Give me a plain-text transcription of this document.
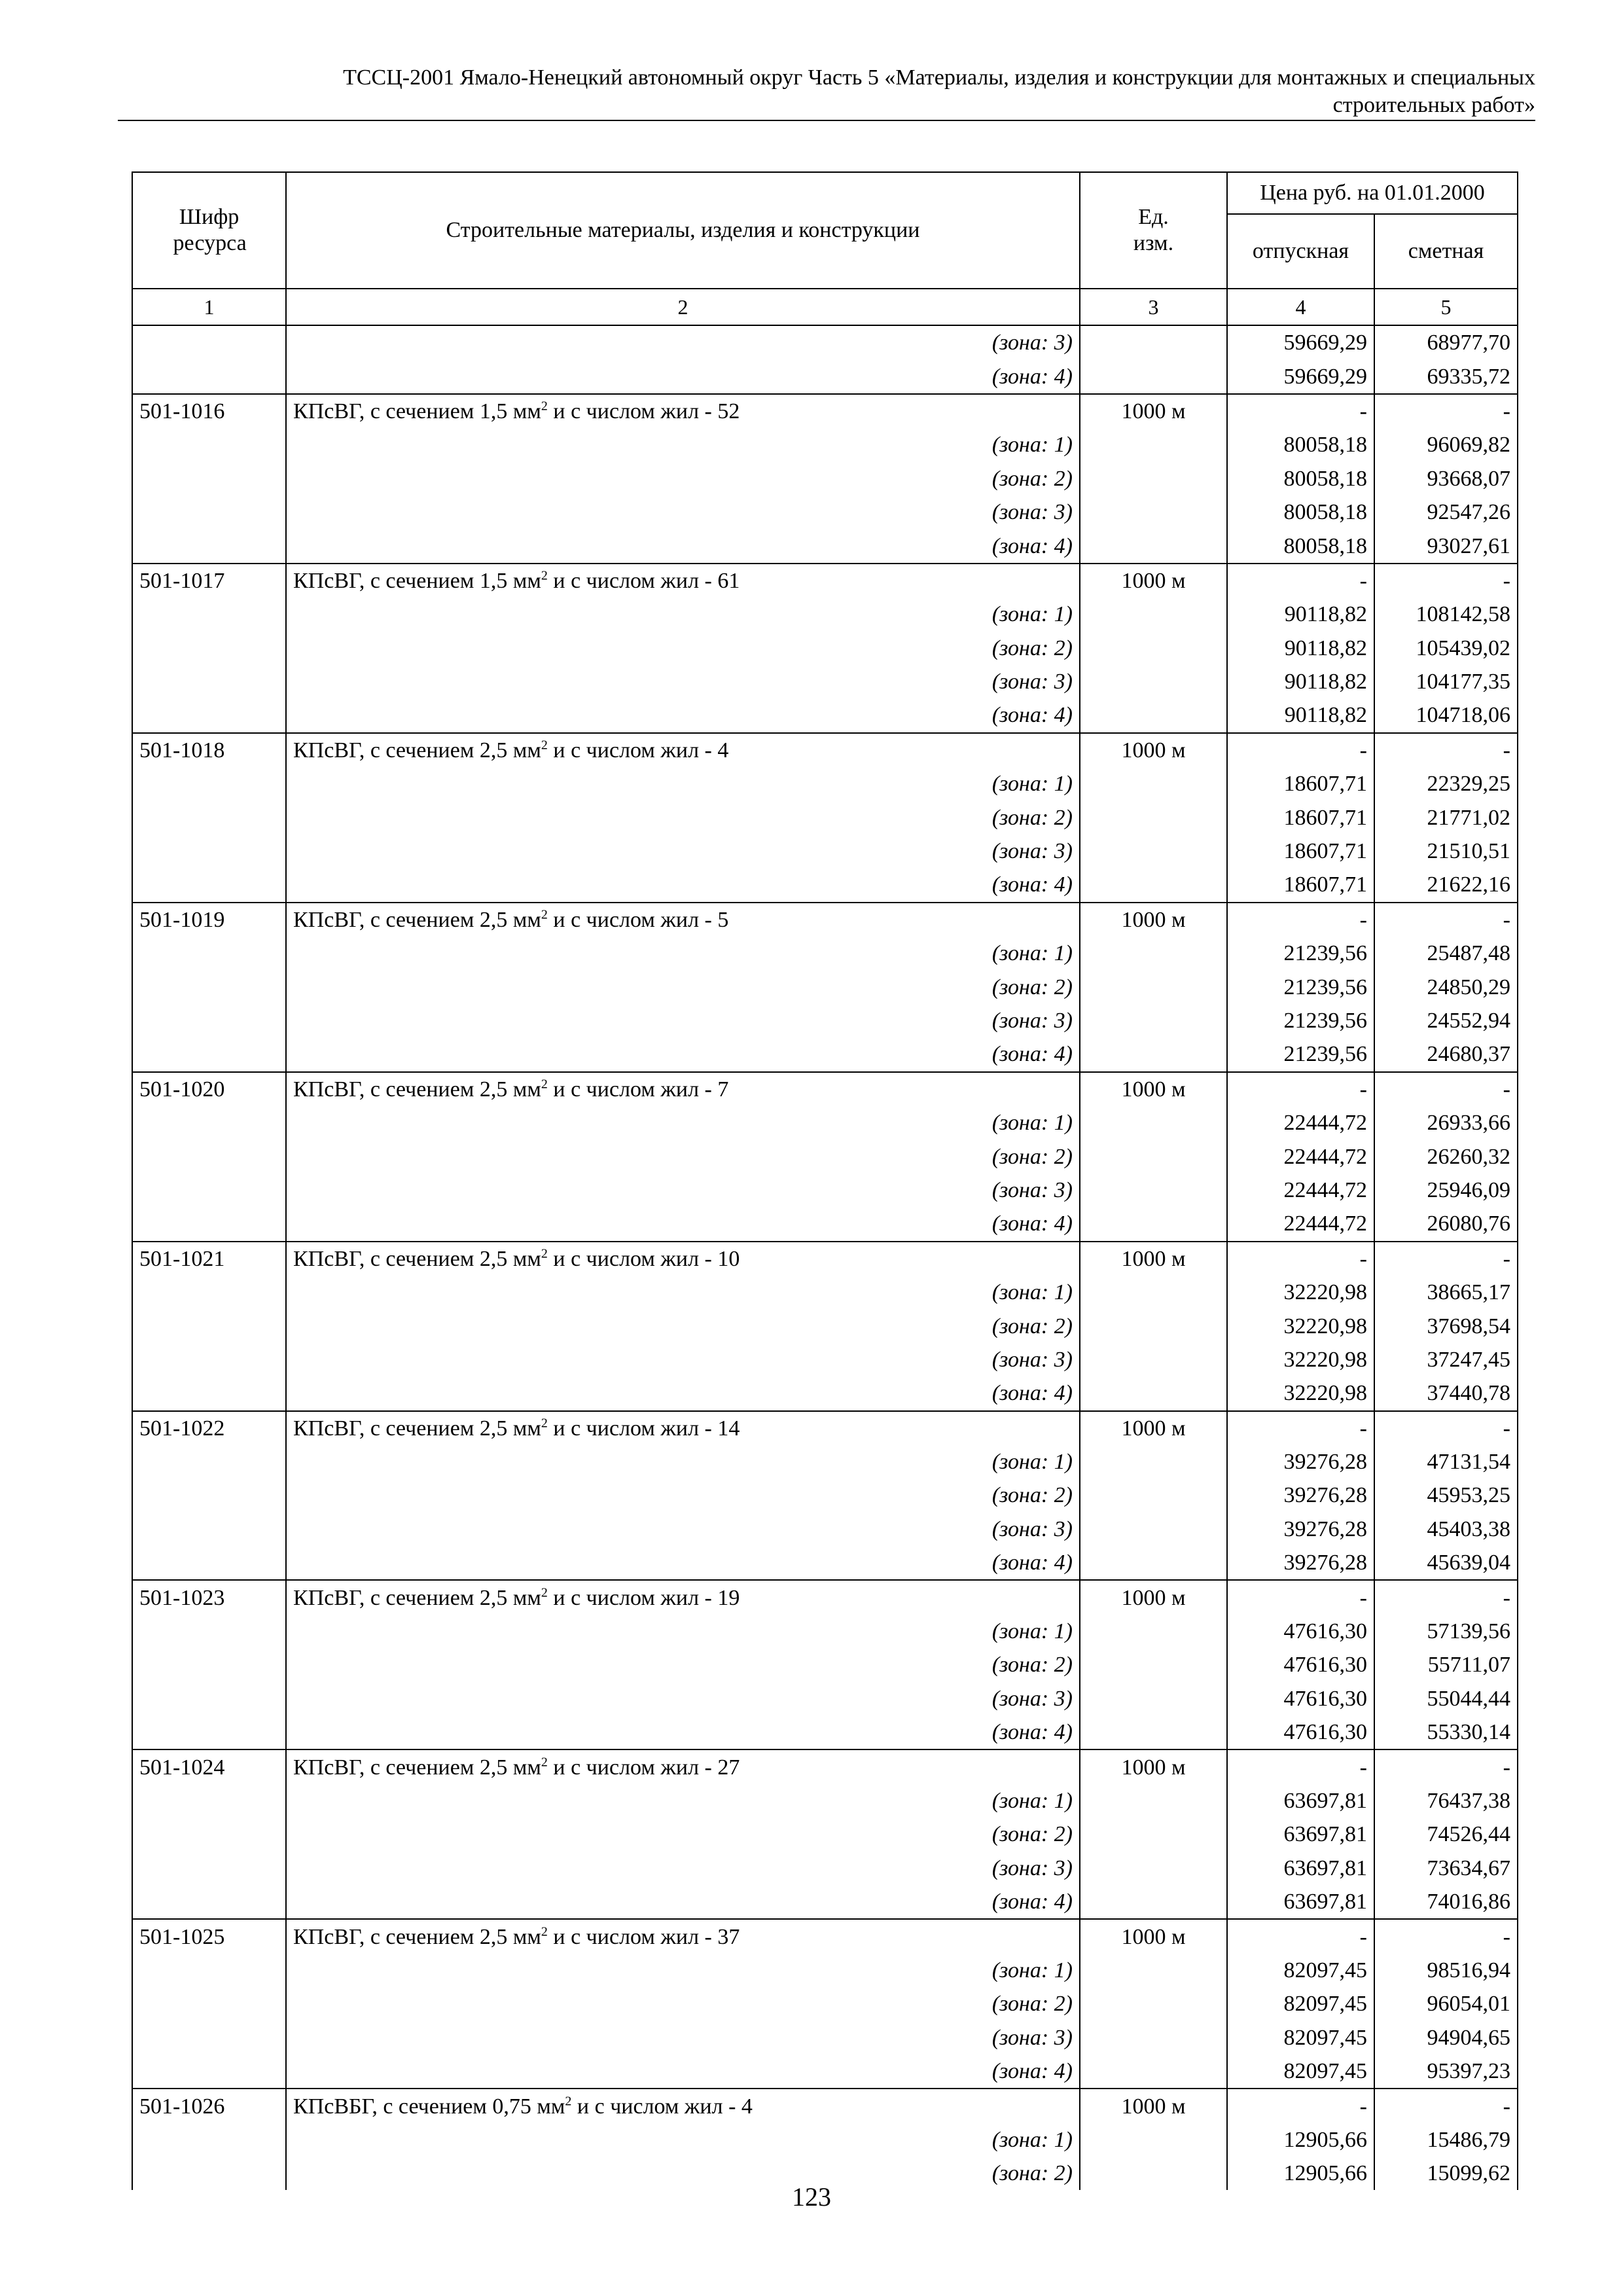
ТССЦ-2001 Ямало-Ненецкий автономный округ Часть 5 «Материалы, изделия и конструкции для монтажных и специальных
строительных работ»
Шифр ресурса	Строительные материалы, изделия и конструкции	Ед. изм.	Цена руб. на 01.01.2000	
			отпускная	сметная
1	2	3	4	5
	(зона: 3)		59669,29	68977,70
	(зона: 4)		59669,29	69335,72
501-1016	КПсВГ, с сечением 1,5 $мм^2$ и с числом жил - 52	1000 м	-	-
	(зона: 1)		80058,18	96069,82
	(зона: 2)		80058,18	93668,07
	(зона: 3)		80058,18	92547,26
	(зона: 4)		80058,18	93027,61
501-1017	КПсВГ, с сечением 1,5 $мм^2$ и с числом жил - 61	1000 м	-	-
	(зона: 1)		90118,82	108142,58
	(зона: 2)		90118,82	105439,02
	(зона: 3)		90118,82	104177,35
	(зона: 4)		90118,82	104718,06
501-1018	КПсВГ, с сечением 2,5 $мм^2$ и с числом жил - 4	1000 м	-	-
	(зона: 1)		18607,71	22329,25
	(зона: 2)		18607,71	21771,02
	(зона: 3)		18607,71	21510,51
	(зона: 4)		18607,71	21622,16
501-1019	КПсВГ, с сечением 2,5 $мм^2$ и с числом жил - 5	1000 м	-	-
	(зона: 1)		21239,56	25487,48
	(зона: 2)		21239,56	24850,29
	(зона: 3)		21239,56	24552,94
	(зона: 4)		21239,56	24680,37
501-1020	КПсВГ, с сечением 2,5 $мм^2$ и с числом жил - 7	1000 м	-	-
	(зона: 1)		22444,72	26933,66
	(зона: 2)		22444,72	26260,32
	(зона: 3)		22444,72	25946,09
	(зона: 4)		22444,72	26080,76
501-1021	КПсВГ, с сечением 2,5 $мм^2$ и с числом жил - 10	1000 м	-	-
	(зона: 1)		32220,98	38665,17
	(зона: 2)		32220,98	37698,54
	(зона: 3)		32220,98	37247,45
	(зона: 4)		32220,98	37440,78
501-1022	КПсВГ, с сечением 2,5 $мм^2$ и с числом жил - 14	1000 м	-	-
	(зона: 1)		39276,28	47131,54
	(зона: 2)		39276,28	45953,25
	(зона: 3)		39276,28	45403,38
	(зона: 4)		39276,28	45639,04
501-1023	КПсВГ, с сечением 2,5 $мм^2$ и с числом жил - 19	1000 м	-	-
	(зона: 1)		47616,30	57139,56
	(зона: 2)		47616,30	55711,07
	(зона: 3)		47616,30	55044,44
	(зона: 4)		47616,30	55330,14
501-1024	КПсВГ, с сечением 2,5 $мм^2$ и с числом жил - 27	1000 м	-	-
	(зона: 1)		63697,81	76437,38
	(зона: 2)		63697,81	74526,44
	(зона: 3)		63697,81	73634,67
	(зона: 4)		63697,81	74016,86
501-1025	КПсВГ, с сечением 2,5 $мм^2$ и с числом жил - 37	1000 м	-	-
	(зона: 1)		82097,45	98516,94
	(зона: 2)		82097,45	96054,01
	(зона: 3)		82097,45	94904,65
	(зона: 4)		82097,45	95397,23
501-1026	КПсВБГ, с сечением 0,75 $мм^2$ и с числом жил - 4	1000 м	-	-
	(зона: 1)		12905,66	15486,79
	(зона: 2)		12905,66	15099,62
123
